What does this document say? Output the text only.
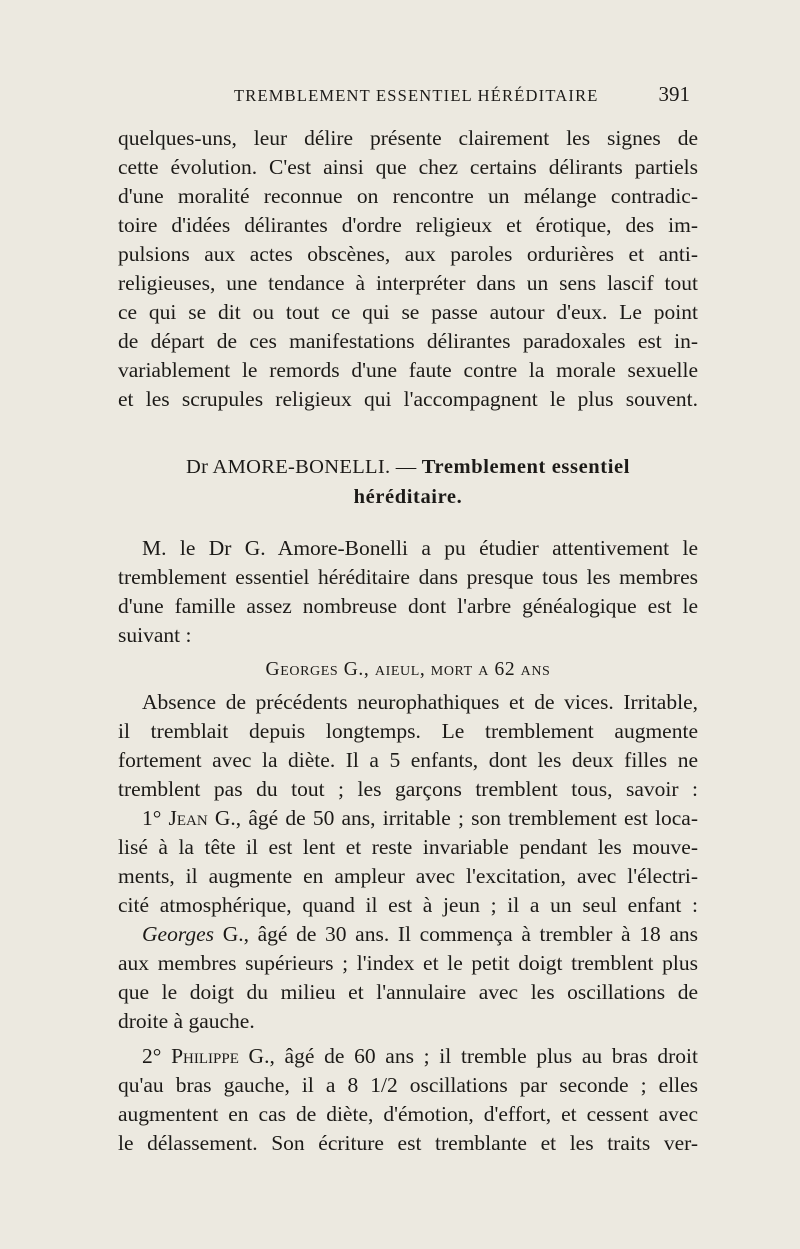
TREMBLEMENT ESSENTIEL HÉRÉDITAIRE	391
quelques-uns, leur délire présente clairement les signes de
cette évolution. C'est ainsi que chez certains délirants partiels
d'une moralité reconnue on rencontre un mélange contradic-
toire d'idées délirantes d'ordre religieux et érotique, des im-
pulsions aux actes obscènes, aux paroles ordurières et anti-
religieuses, une tendance à interpréter dans un sens lascif tout
ce qui se dit ou tout ce qui se passe autour d'eux. Le point
de départ de ces manifestations délirantes paradoxales est in-
variablement le remords d'une faute contre la morale sexuelle
et les scrupules religieux qui l'accompagnent le plus souvent.
Dr AMORE-BONELLI. — Tremblement essentiel
héréditaire.
M. le Dr G. Amore-Bonelli a pu étudier attentivement le
tremblement essentiel héréditaire dans presque tous les membres
d'une famille assez nombreuse dont l'arbre généalogique est le
suivant :
Georges G., aieul, mort a 62 ans
Absence de précédents neurophathiques et de vices. Irritable,
il tremblait depuis longtemps. Le tremblement augmente
fortement avec la diète. Il a 5 enfants, dont les deux filles ne
tremblent pas du tout ; les garçons tremblent tous, savoir :
1° Jean G., âgé de 50 ans, irritable ; son tremblement est loca-
lisé à la tête il est lent et reste invariable pendant les mouve-
ments, il augmente en ampleur avec l'excitation, avec l'électri-
cité atmosphérique, quand il est à jeun ; il a un seul enfant :
Georges G., âgé de 30 ans. Il commença à trembler à 18 ans
aux membres supérieurs ; l'index et le petit doigt tremblent plus
que le doigt du milieu et l'annulaire avec les oscillations de
droite à gauche.
2° Philippe G., âgé de 60 ans ; il tremble plus au bras droit
qu'au bras gauche, il a 8 1/2 oscillations par seconde ; elles
augmentent en cas de diète, d'émotion, d'effort, et cessent avec
le délassement. Son écriture est tremblante et les traits ver-
